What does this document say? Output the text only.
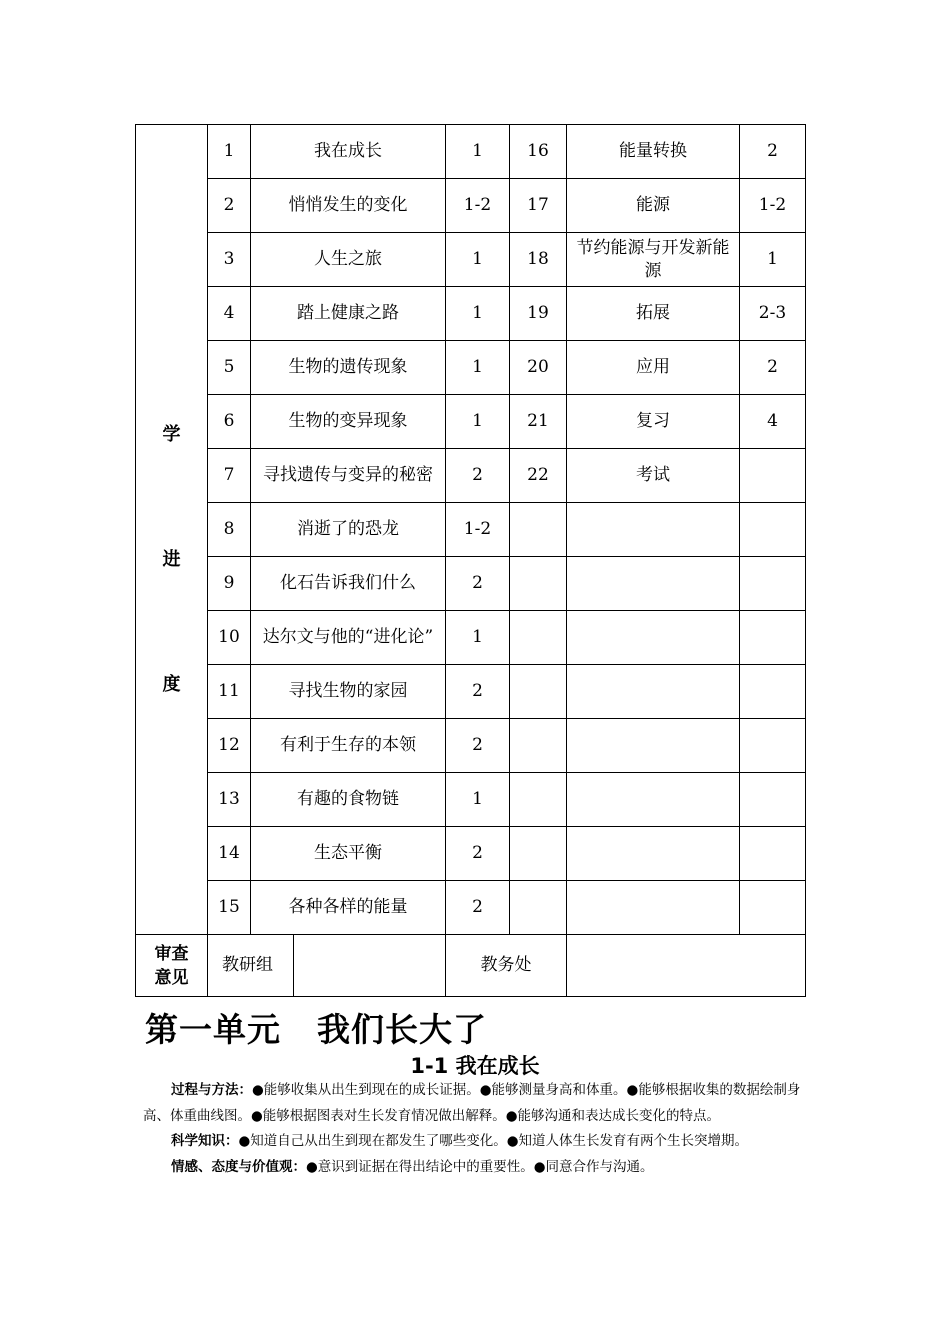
学
进
度	1	我在成长		1	16	能量转换	2
	2	悄悄发生的变化		1-2	17	能源	1-2
	3	人生之旅		1	18	节约能源与开发新能源	1
	4	踏上健康之路		1	19	拓展	2-3
	5	生物的遗传现象		1	20	应用	2
	6	生物的变异现象		1	21	复习	4
	7	寻找遗传与变异的秘密		2	22	考试	
	8	消逝了的恐龙		1-2			
	9	化石告诉我们什么		2			
	10	达尔文与他的“进化论”		1			
	11	寻找生物的家园		2			
	12	有利于生存的本领		2			
	13	有趣的食物链		1			
	14	生态平衡		2			
	15	各种各样的能量		2			
审查
意见	教研组			教务处			
第一单元 我们长大了
1-1 我在成长

过程与方法：●能够收集从出生到现在的成长证据。●能够测量身高和体重。●能够根据收集的数据绘制身高、体重曲线图。●能够根据图表对生长发育情况做出解释。●能够沟通和表达成长变化的特点。

科学知识：●知道自己从出生到现在都发生了哪些变化。●知道人体生长发育有两个生长突增期。

情感、态度与价值观：●意识到证据在得出结论中的重要性。●同意合作与沟通。
